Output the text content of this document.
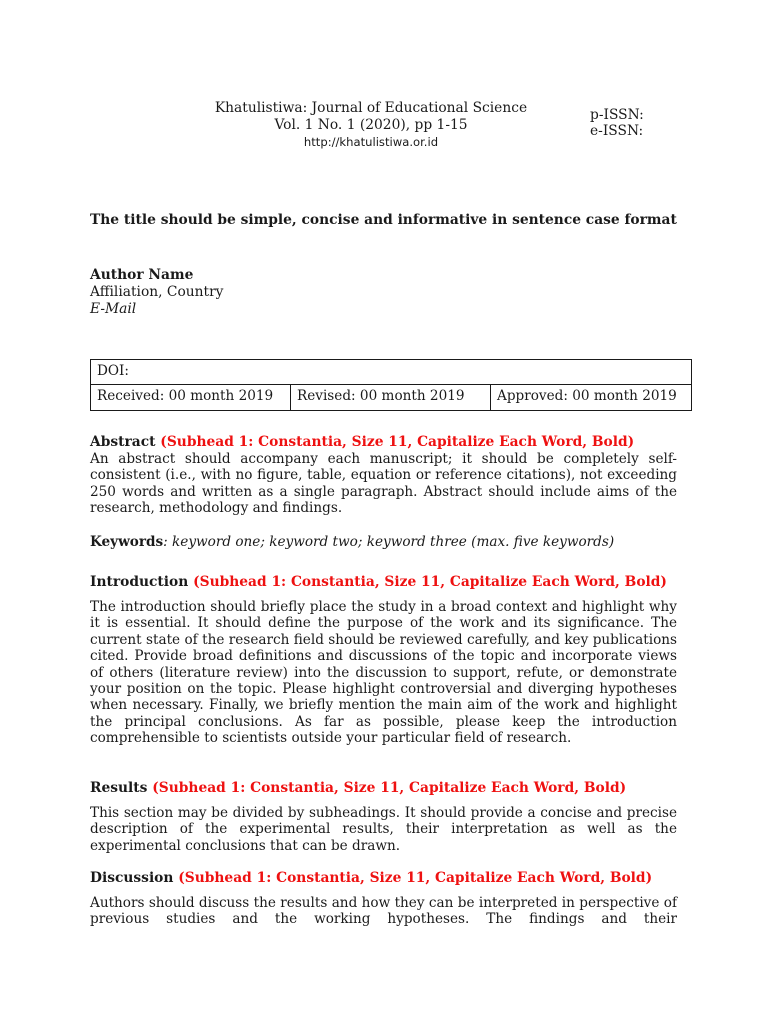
Khatulistiwa: Journal of Educational Science
Vol. 1 No. 1 (2020), pp 1-15
http://khatulistiwa.or.id
p-ISSN:
e-ISSN:
The title should be simple, concise and informative in sentence case format
Author Name
Affiliation, Country
E-Mail
DOI:
Received: 00 month 2019	Revised: 00 month 2019	Approved: 00 month 2019
Abstract (Subhead 1: Constantia, Size 11, Capitalize Each Word, Bold)

An abstract should accompany each manuscript; it should be completely self-consistent (i.e., with no figure, table, equation or reference citations), not exceeding 250 words and written as a single paragraph. Abstract should include aims of the research, methodology and findings.

Keywords: keyword one; keyword two; keyword three (max. five keywords)
Introduction (Subhead 1: Constantia, Size 11, Capitalize Each Word, Bold)

The introduction should briefly place the study in a broad context and highlight why it is essential. It should define the purpose of the work and its significance. The current state of the research field should be reviewed carefully, and key publications cited. Provide broad definitions and discussions of the topic and incorporate views of others (literature review) into the discussion to support, refute, or demonstrate your position on the topic. Please highlight controversial and diverging hypotheses when necessary. Finally, we briefly mention the main aim of the work and highlight the principal conclusions. As far as possible, please keep the introduction comprehensible to scientists outside your particular field of research.

Results (Subhead 1: Constantia, Size 11, Capitalize Each Word, Bold)

This section may be divided by subheadings. It should provide a concise and precise description of the experimental results, their interpretation as well as the experimental conclusions that can be drawn.

Discussion (Subhead 1: Constantia, Size 11, Capitalize Each Word, Bold)

Authors should discuss the results and how they can be interpreted in perspective of previous studies and the working hypotheses. The findings and their
